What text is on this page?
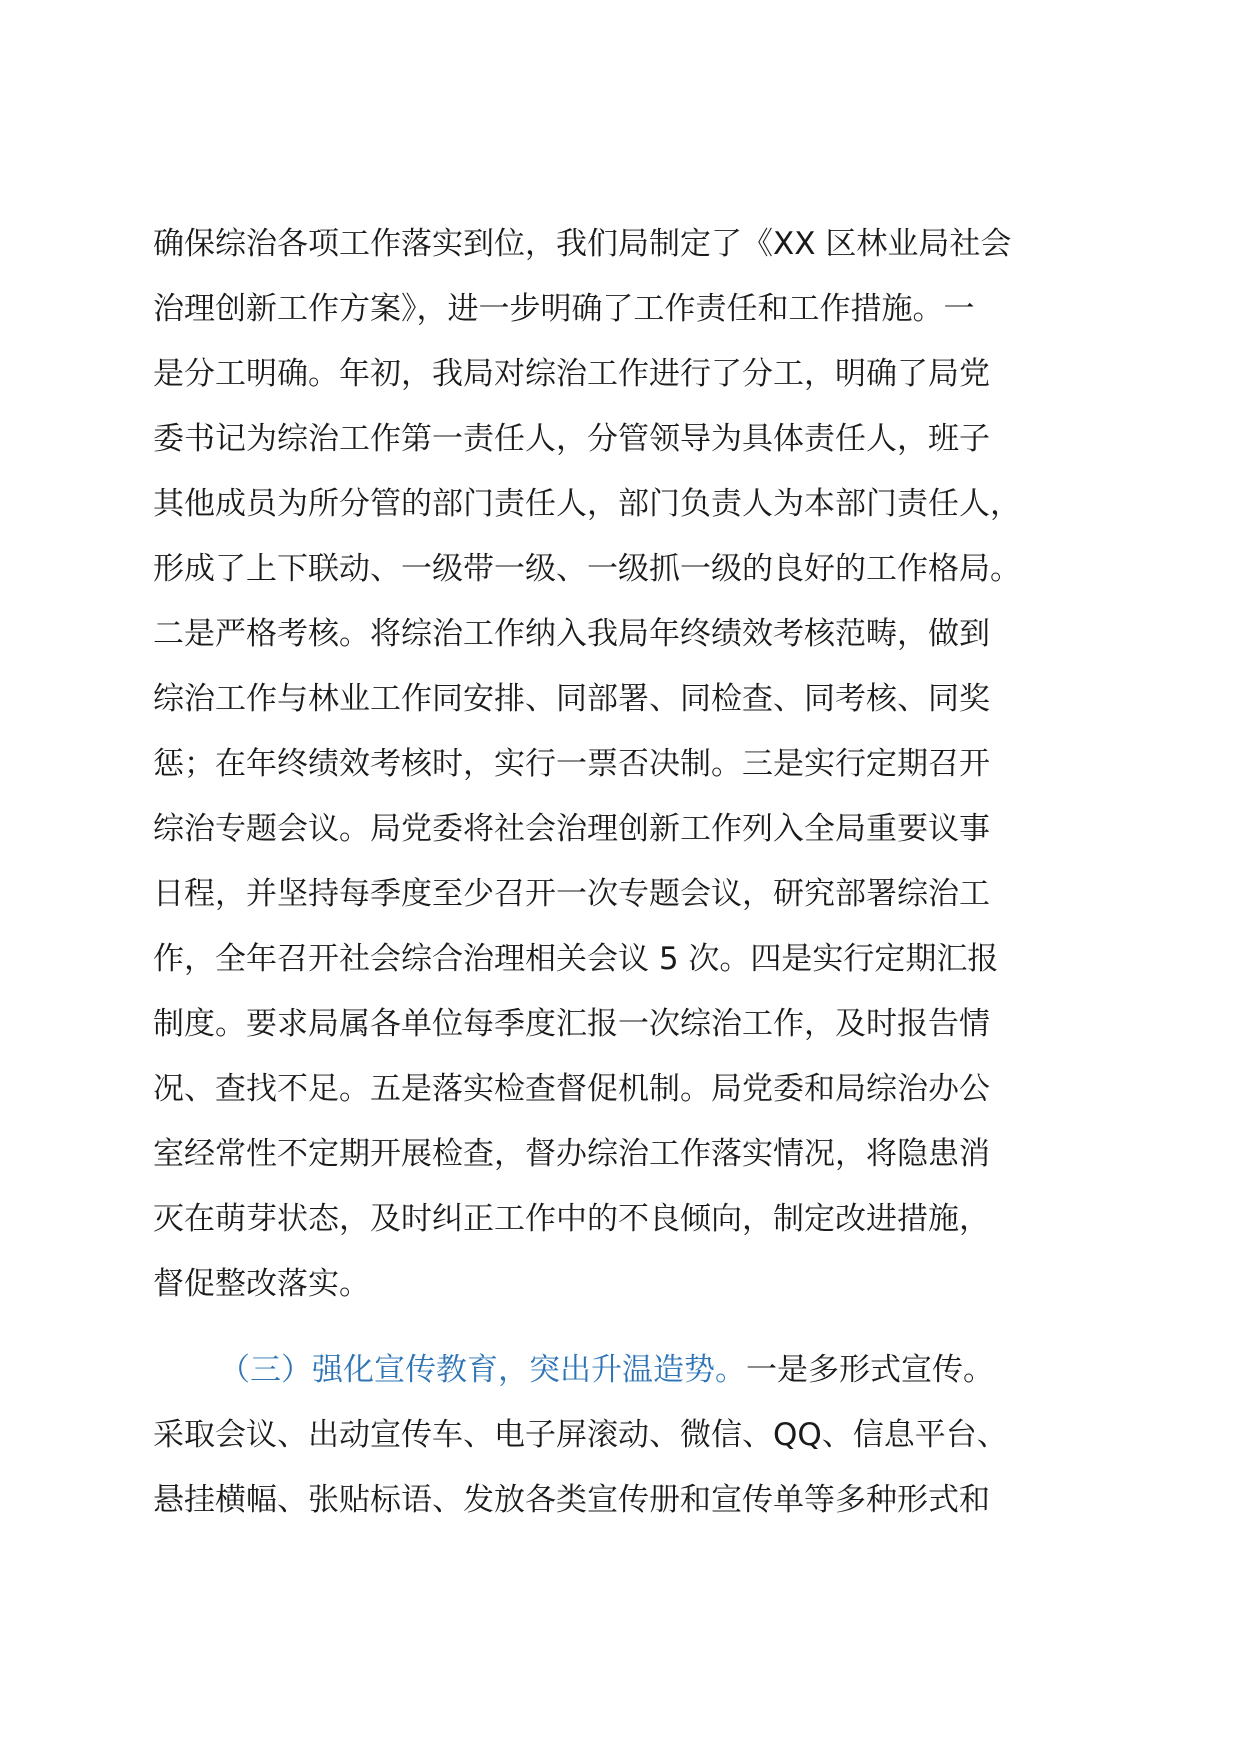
确保综治各项工作落实到位，我们局制定了《XX 区林业局社会
治理创新工作方案》，进一步明确了工作责任和工作措施。一
是分工明确。年初，我局对综治工作进行了分工，明确了局党
委书记为综治工作第一责任人，分管领导为具体责任人，班子
其他成员为所分管的部门责任人，部门负责人为本部门责任人，
形成了上下联动、一级带一级、一级抓一级的良好的工作格局。
二是严格考核。将综治工作纳入我局年终绩效考核范畴，做到
综治工作与林业工作同安排、同部署、同检查、同考核、同奖
惩；在年终绩效考核时，实行一票否决制。三是实行定期召开
综治专题会议。局党委将社会治理创新工作列入全局重要议事
日程，并坚持每季度至少召开一次专题会议，研究部署综治工
作，全年召开社会综合治理相关会议 5 次。四是实行定期汇报
制度。要求局属各单位每季度汇报一次综治工作，及时报告情
况、查找不足。五是落实检查督促机制。局党委和局综治办公
室经常性不定期开展检查，督办综治工作落实情况，将隐患消
灭在萌芽状态，及时纠正工作中的不良倾向，制定改进措施，
督促整改落实。
（三）强化宣传教育，突出升温造势。一是多形式宣传。
采取会议、出动宣传车、电子屏滚动、微信、QQ、信息平台、
悬挂横幅、张贴标语、发放各类宣传册和宣传单等多种形式和
